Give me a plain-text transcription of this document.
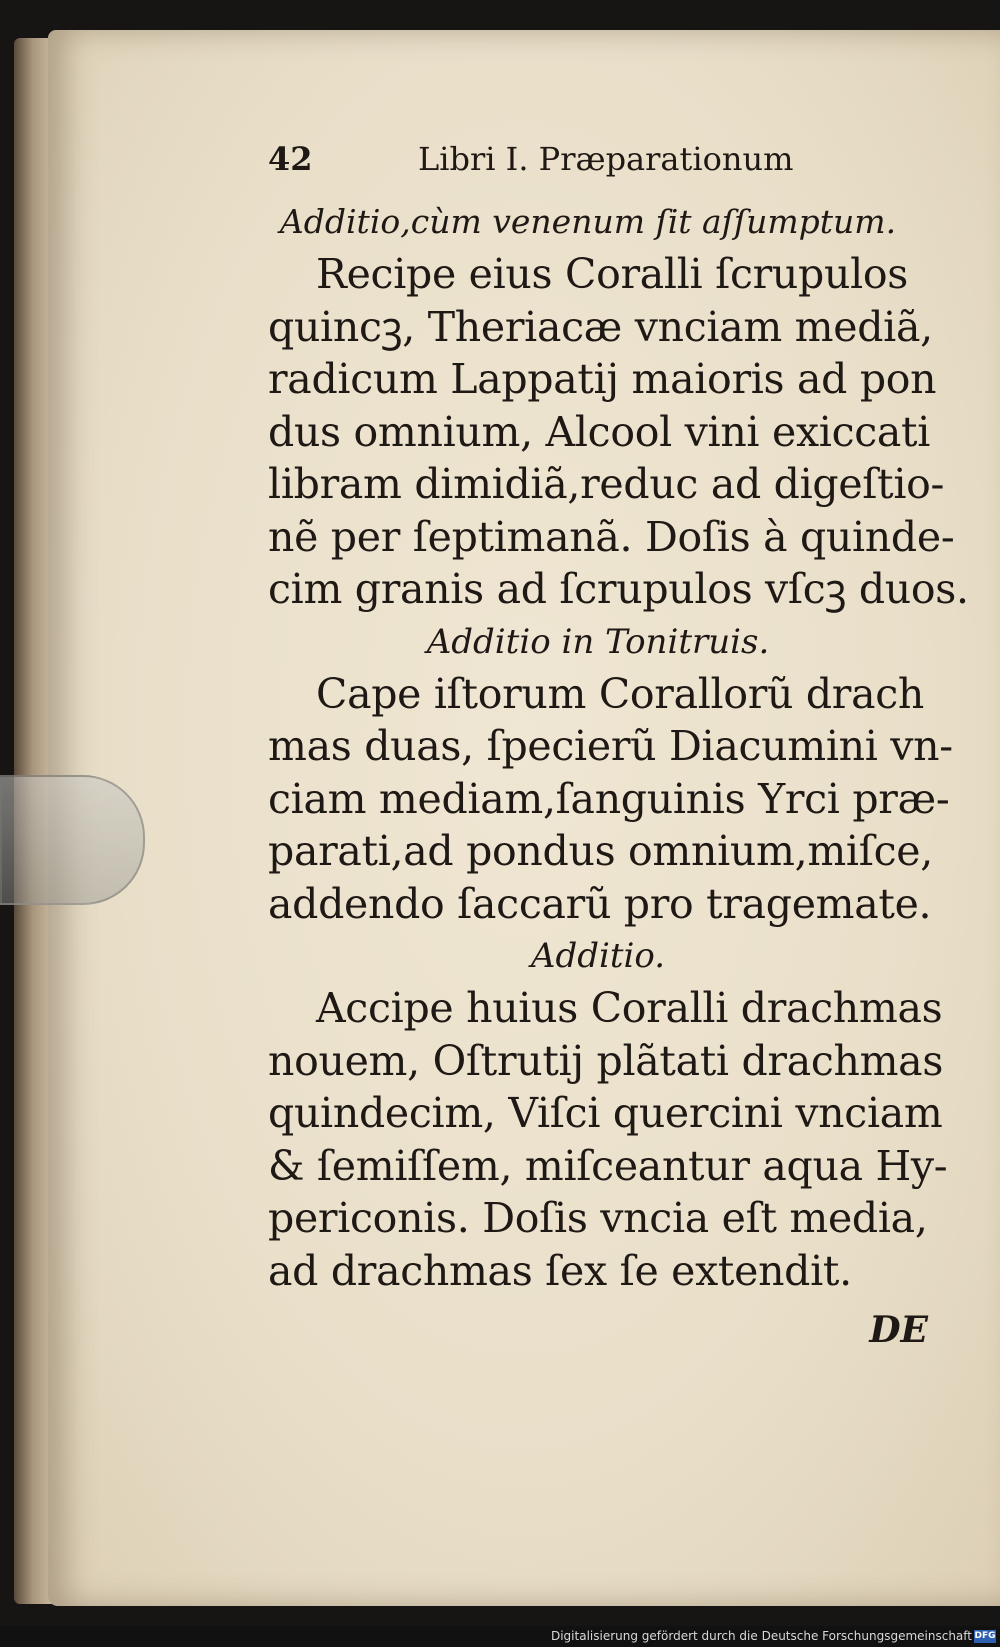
42	Libri I. Præparationum
Additio,cùm venenum ſit aſſumptum.
Recipe eius Coralli ſcrupulos
quincꝫ, Theriacæ vnciam mediã,
radicum Lappatij maioris ad pon
dus omnium, Alcool vini exiccati
libram dimidiã,reduc ad digeſtio-
nẽ per ſeptimanã. Doſis à quinde-
cim granis ad ſcrupulos vſcꝫ duos.
Additio in Tonitruis.
Cape iſtorum Corallorũ drach
mas duas, ſpecierũ Diacumini vn-
ciam mediam,ſanguinis Yrci præ-
parati,ad pondus omnium,miſce,
addendo ſaccarũ pro tragemate.
Additio.
Accipe huius Coralli drachmas
nouem, Oſtrutij plãtati drachmas
quindecim, Viſci quercini vnciam
& ſemiſſem, miſceantur aqua Hy-
periconis. Doſis vncia eſt media,
ad drachmas ſex ſe extendit.
DE
Digitalisierung gefördert durch die Deutsche Forschungsgemeinschaft DFG
